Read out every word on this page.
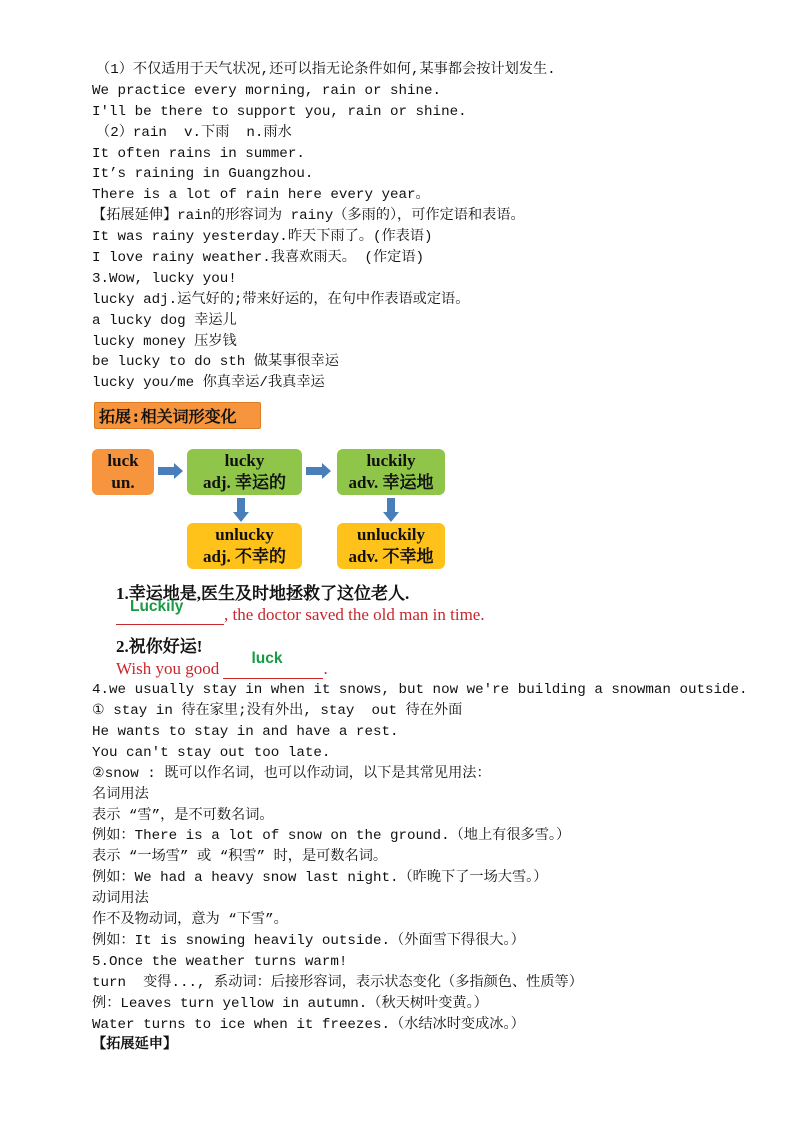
（1）不仅适用于天气状况,还可以指无论条件如何,某事都会按计划发生.
We practice every morning, rain or shine.
I'll be there to support you, rain or shine.
（2）rain  v.下雨  n.雨水
It often rains in summer.
It’s raining in Guangzhou.
There is a lot of rain here every year。
【拓展延伸】rain的形容词为 rainy（多雨的），可作定语和表语。
It was rainy yesterday.昨天下雨了。(作表语)
I love rainy weather.我喜欢雨天。 (作定语)
3.Wow, lucky you!
lucky adj.运气好的;带来好运的，在句中作表语或定语。
a lucky dog 幸运儿
lucky money 压岁钱
be lucky to do sth 做某事很幸运
lucky you/me 你真幸运/我真幸运
拓展:相关词形变化
luck
un.
lucky
adj. 幸运的
luckily
adv. 幸运地
unlucky
adj. 不幸的
unluckily
adv. 不幸地
1.幸运地是,医生及时地拯救了这位老人.
Luckily , the doctor saved the old man in time.
2.祝你好运!
Wish you good
luck
.
4.we usually stay in when it snows, but now we're building a snowman outside.
① stay in 待在家里;没有外出, stay  out 待在外面
He wants to stay in and have a rest.
You can't stay out too late.
②snow : 既可以作名词，也可以作动词，以下是其常见用法：
名词用法
表示 “雪”，是不可数名词。
例如：There is a lot of snow on the ground.（地上有很多雪。）
表示 “一场雪” 或 “积雪” 时，是可数名词。
例如：We had a heavy snow last night.（昨晚下了一场大雪。）
动词用法
作不及物动词，意为 “下雪”。
例如：It is snowing heavily outside.（外面雪下得很大。）
5.Once the weather turns warm!
turn  变得..., 系动词：后接形容词，表示状态变化（多指颜色、性质等）
例：Leaves turn yellow in autumn.（秋天树叶变黄。）
Water turns to ice when it freezes.（水结冰时变成冰。）
【拓展延申】
